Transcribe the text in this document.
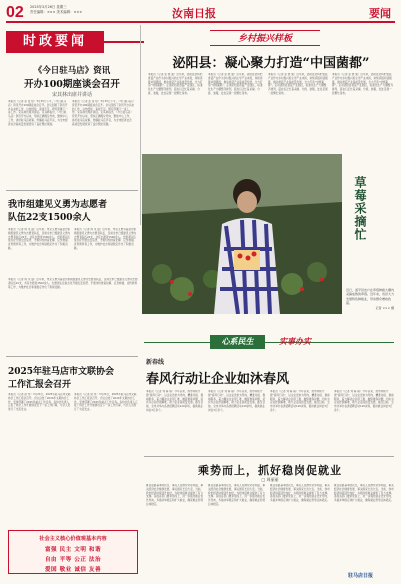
02 2025年3月26日 星期三
责任编辑：××× 美术编辑：×××	汝南日报	要闻
时政要闻
《今日驻马店》资讯
开办100期座谈会召开
宋其林出席并讲话
本报讯（记者 张 金 阳）3月25日下午，《今日驻马店》资讯开办100期座谈会召开。会议回顾了资讯开办以来的工作，总结经验，查找不足，研究部署下一步工作。宋其林出席并讲话。宋其林指出，《今日驻马店》资讯开办以来，坚持正确舆论导向，聚焦中心工作，讲好驻马店故事，传播驻马店声音，为全市经济社会高质量发展营造了良好舆论氛围。
本报讯（记者 张 金 阳）3月25日下午，《今日驻马店》资讯开办100期座谈会召开。会议回顾了资讯开办以来的工作，总结经验，查找不足，研究部署下一步工作。宋其林出席并讲话。宋其林指出，《今日驻马店》资讯开办以来，坚持正确舆论导向，聚焦中心工作，讲好驻马店故事，传播驻马店声音，为全市经济社会高质量发展营造了良好舆论氛围。
乡村振兴样板
泌阳县：凝心聚力打造“中国菌都”
本报讯（记者 张 德 强）近年来，泌阳县坚持把香菇产业作为乡村振兴的主导产业来抓，持续延链补链强链，推动香菇产业高质量发展，全力打造“中国菌都”。走进泌阳县香菇产业园区，标准化生产大棚整齐排列，菇农们正忙着采摘、分拣、装箱，处处呈现一派繁忙景象。
本报讯（记者 张 德 强）近年来，泌阳县坚持把香菇产业作为乡村振兴的主导产业来抓，持续延链补链强链，推动香菇产业高质量发展，全力打造“中国菌都”。走进泌阳县香菇产业园区，标准化生产大棚整齐排列，菇农们正忙着采摘、分拣、装箱，处处呈现一派繁忙景象。
本报讯（记者 张 德 强）近年来，泌阳县坚持把香菇产业作为乡村振兴的主导产业来抓，持续延链补链强链，推动香菇产业高质量发展，全力打造“中国菌都”。走进泌阳县香菇产业园区，标准化生产大棚整齐排列，菇农们正忙着采摘、分拣、装箱，处处呈现一派繁忙景象。
本报讯（记者 张 德 强）近年来，泌阳县坚持把香菇产业作为乡村振兴的主导产业来抓，持续延链补链强链，推动香菇产业高质量发展，全力打造“中国菌都”。走进泌阳县香菇产业园区，标准化生产大棚整齐排列，菇农们正忙着采摘、分拣、装箱，处处呈现一派繁忙景象。
我市组建见义勇为志愿者
队伍22支1500余人
本报讯（记者 周 茂 盛）近年来，市见义勇为基金会积极组建见义勇为志愿者队伍，目前全市已组建见义勇为志愿者队伍22支，共有志愿者1500余人。志愿者队伍常态化开展治安巡逻、矛盾纠纷排查化解、应急救援、宣传教育等工作，为维护社会和谐稳定作出了积极贡献。
本报讯（记者 周 茂 盛）近年来，市见义勇为基金会积极组建见义勇为志愿者队伍，目前全市已组建见义勇为志愿者队伍22支，共有志愿者1500余人。志愿者队伍常态化开展治安巡逻、矛盾纠纷排查化解、应急救援、宣传教育等工作，为维护社会和谐稳定作出了积极贡献。
本报讯（记者 周 茂 盛）近年来，市见义勇为基金会积极组建见义勇为志愿者队伍，目前全市已组建见义勇为志愿者队伍22支，共有志愿者1500余人。志愿者队伍常态化开展治安巡逻、矛盾纠纷排查化解、应急救援、宣传教育等工作，为维护社会和谐稳定作出了积极贡献。
草莓采摘忙
近日，遂平县农户在草莓种植大棚内采摘成熟的草莓。近年来，该县大力发展特色种植业，带动群众增收致富。
记者 ××× 摄
心系民生	实事办实
新春线
春风行动让企业如沐春风
本报讯（记者 刘 海 娟）今年以来，我市持续开展“春风行动”，以企业需求为导向，精准对接、靠前服务，着力解决企业用工难、融资难等问题，切实为企业纾困解难，助力企业高质量发展。截至目前，全市共举办各类招聘活动120余场，提供就业岗位3万余个。
本报讯（记者 刘 海 娟）今年以来，我市持续开展“春风行动”，以企业需求为导向，精准对接、靠前服务，着力解决企业用工难、融资难等问题，切实为企业纾困解难，助力企业高质量发展。截至目前，全市共举办各类招聘活动120余场，提供就业岗位3万余个。
本报讯（记者 刘 海 娟）今年以来，我市持续开展“春风行动”，以企业需求为导向，精准对接、靠前服务，着力解决企业用工难、融资难等问题，切实为企业纾困解难，助力企业高质量发展。截至目前，全市共举办各类招聘活动120余场，提供就业岗位3万余个。
本报讯（记者 刘 海 娟）今年以来，我市持续开展“春风行动”，以企业需求为导向，精准对接、靠前服务，着力解决企业用工难、融资难等问题，切实为企业纾困解难，助力企业高质量发展。截至目前，全市共举办各类招聘活动120余场，提供就业岗位3万余个。
2025年驻马店市文联协会
工作汇报会召开
本报讯（记者 赵 雯）3月24日，2025年驻马店市文联协会工作汇报会召开。会议总结了2024年文联协会工作，安排部署了2025年重点工作任务。各协会负责人汇报了协会工作开展情况及下一步工作打算，与会人员进行了交流发言。
本报讯（记者 赵 雯）3月24日，2025年驻马店市文联协会工作汇报会召开。会议总结了2024年文联协会工作，安排部署了2025年重点工作任务。各协会负责人汇报了协会工作开展情况及下一步工作打算，与会人员进行了交流发言。
社会主义核心价值观基本内容
富强 民主 文明 和谐
自由 平等 公正 法治
爱国 敬业 诚信 友善
乘势而上，抓好稳岗促就业
□ 周丽丽
就业是最基本的民生，事关人民群众切身利益，事关经济社会健康发展，事关国家长治久安。当前，我市经济持续回升向好，为稳岗促就业提供了有力支撑。各级各部门要乘势而上，进一步强化就业优先导向，多措并举稳定和扩大就业，确保就业形势总体稳定。
就业是最基本的民生，事关人民群众切身利益，事关经济社会健康发展，事关国家长治久安。当前，我市经济持续回升向好，为稳岗促就业提供了有力支撑。各级各部门要乘势而上，进一步强化就业优先导向，多措并举稳定和扩大就业，确保就业形势总体稳定。
就业是最基本的民生，事关人民群众切身利益，事关经济社会健康发展，事关国家长治久安。当前，我市经济持续回升向好，为稳岗促就业提供了有力支撑。各级各部门要乘势而上，进一步强化就业优先导向，多措并举稳定和扩大就业，确保就业形势总体稳定。
就业是最基本的民生，事关人民群众切身利益，事关经济社会健康发展，事关国家长治久安。当前，我市经济持续回升向好，为稳岗促就业提供了有力支撑。各级各部门要乘势而上，进一步强化就业优先导向，多措并举稳定和扩大就业，确保就业形势总体稳定。
驻马店日报
